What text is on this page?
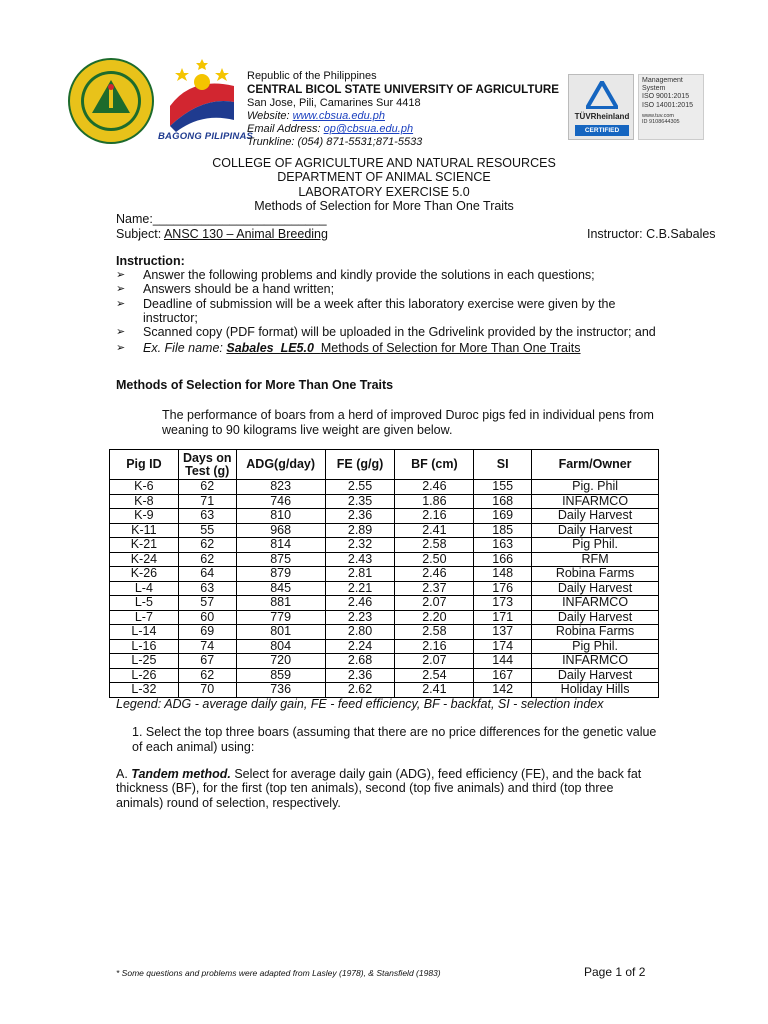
BAGONG PILIPINAS
Republic of the Philippines
CENTRAL BICOL STATE UNIVERSITY OF AGRICULTURE
San Jose, Pili, Camarines Sur 4418
Website: www.cbsua.edu.ph
Email Address: op@cbsua.edu.ph
Trunkline: (054) 871-5531;871-5533
TÜVRheinland
CERTIFIED
Management
System
ISO 9001:2015
ISO 14001:2015
www.tuv.com
ID 9108644305
COLLEGE OF AGRICULTURE AND NATURAL RESOURCES
DEPARTMENT OF ANIMAL SCIENCE
LABORATORY EXERCISE 5.0
Methods of Selection for More Than One Traits
Name:_________________________
Subject: ANSC 130 – Animal Breeding	Instructor: C.B.Sabales
Instruction:
➢ Answer the following problems and kindly provide the solutions in each questions;
➢ Answers should be a hand written;
➢ Deadline of submission will be a week after this laboratory exercise were given by the instructor;
➢ Scanned copy (PDF format) will be uploaded in the Gdrivelink provided by the instructor; and
➢ Ex. File name: Sabales_LE5.0_Methods of Selection for More Than One Traits
Methods of Selection for More Than One Traits
The performance of boars from a herd of improved Duroc pigs fed in individual pens from weaning to 90 kilograms live weight are given below.
Pig ID	Days on Test (g)	ADG(g/day)	FE (g/g)	BF (cm)	SI	Farm/Owner
K-6	62	823	2.55	2.46	155	Pig. Phil
K-8	71	746	2.35	1.86	168	INFARMCO
K-9	63	810	2.36	2.16	169	Daily Harvest
K-11	55	968	2.89	2.41	185	Daily Harvest
K-21	62	814	2.32	2.58	163	Pig Phil.
K-24	62	875	2.43	2.50	166	RFM
K-26	64	879	2.81	2.46	148	Robina Farms
L-4	63	845	2.21	2.37	176	Daily Harvest
L-5	57	881	2.46	2.07	173	INFARMCO
L-7	60	779	2.23	2.20	171	Daily Harvest
L-14	69	801	2.80	2.58	137	Robina Farms
L-16	74	804	2.24	2.16	174	Pig Phil.
L-25	67	720	2.68	2.07	144	INFARMCO
L-26	62	859	2.36	2.54	167	Daily Harvest
L-32	70	736	2.62	2.41	142	Holiday Hills
Legend: ADG - average daily gain, FE - feed efficiency, BF - backfat, SI - selection index
1. Select the top three boars (assuming that there are no price differences for the genetic value of each animal) using:
A. Tandem method. Select for average daily gain (ADG), feed efficiency (FE), and the back fat thickness (BF), for the first (top ten animals), second (top five animals) and third (top three animals) round of selection, respectively.
* Some questions and problems were adapted from Lasley (1978), & Stansfield (1983)	Page 1 of 2
